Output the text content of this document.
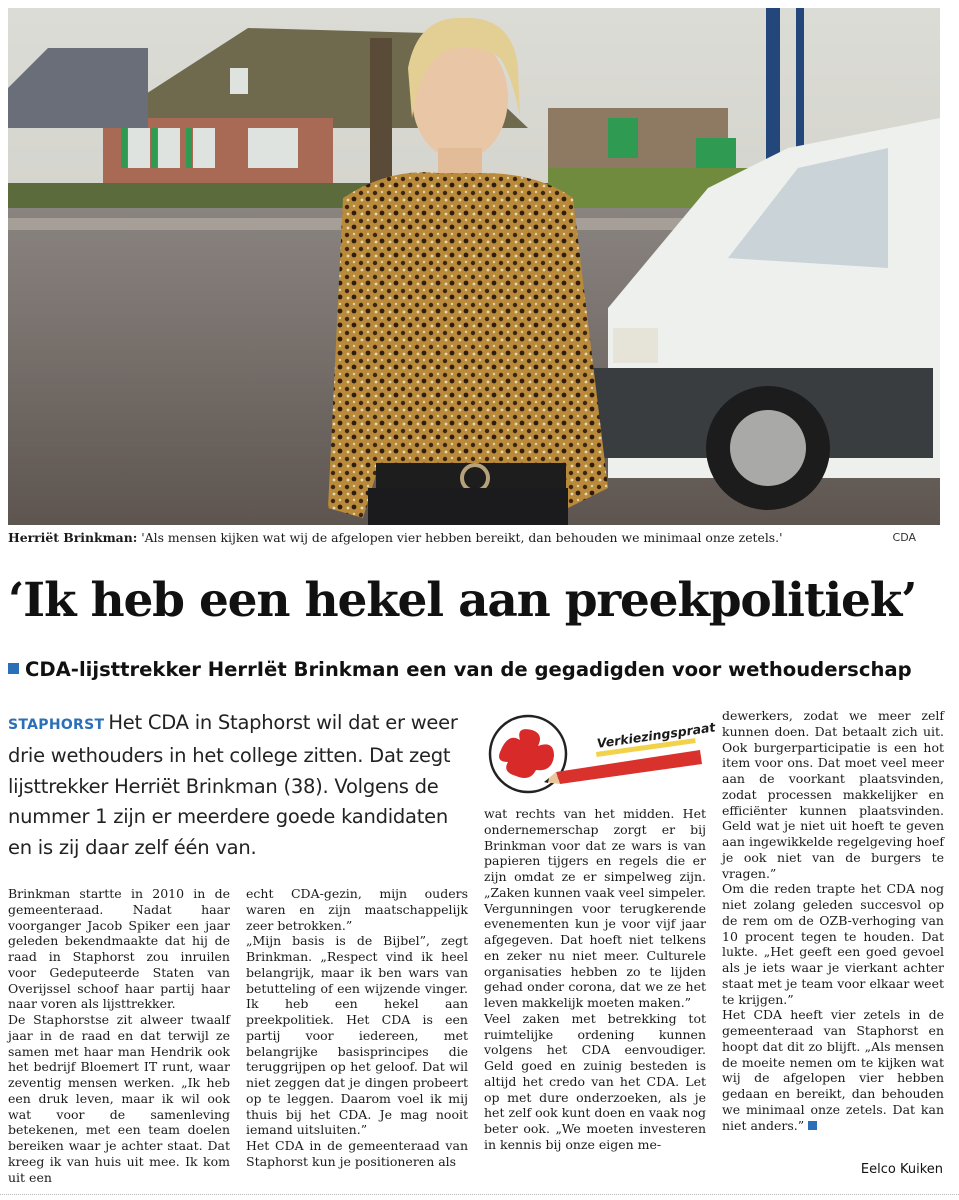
Herriët Brinkman: 'Als mensen kijken wat wij de afgelopen vier hebben bereikt, dan behouden we minimaal onze zetels.'	CDA
‘Ik heb een hekel aan preekpolitiek’
CDA-lijsttrekker HerrIët Brinkman een van de gegadigden voor wethouderschap
STAPHORST Het CDA in Staphorst wil dat er weer drie wethouders in het college zitten. Dat zegt lijsttrekker Herriët Brinkman (38). Volgens de nummer 1 zijn er meerdere goede kandidaten en is zij daar zelf één van.
Verkiezingspraat

Brinkman startte in 2010 in de gemeenteraad. Nadat haar voorganger Jacob Spiker een jaar geleden bekendmaakte dat hij de raad in Staphorst zou inruilen voor Gedeputeerde Staten van Overijssel schoof haar partij haar naar voren als lijsttrekker.

De Staphorstse zit alweer twaalf jaar in de raad en dat terwijl ze samen met haar man Hendrik ook het bedrijf Bloemert IT runt, waar zeventig mensen werken. „Ik heb een druk leven, maar ik wil ook wat voor de samenleving betekenen, met een team doelen bereiken waar je achter staat. Dat kreeg ik van huis uit mee. Ik kom uit een

echt CDA-gezin, mijn ouders waren en zijn maatschappelijk zeer betrokken.”

„Mijn basis is de Bijbel”, zegt Brinkman. „Respect vind ik heel belangrijk, maar ik ben wars van betutteling of een wijzende vinger. Ik heb een hekel aan preekpolitiek. Het CDA is een partij voor iedereen, met belangrijke basisprincipes die teruggrijpen op het geloof. Dat wil niet zeggen dat je dingen probeert op te leggen. Daarom voel ik mij thuis bij het CDA. Je mag nooit iemand uitsluiten.”

Het CDA in de gemeenteraad van Staphorst kun je positioneren als

wat rechts van het midden. Het ondernemerschap zorgt er bij Brinkman voor dat ze wars is van papieren tijgers en regels die er zijn omdat ze er simpelweg zijn. „Zaken kunnen vaak veel simpeler. Vergunningen voor terugkerende evenementen kun je voor vijf jaar afgegeven. Dat hoeft niet telkens en zeker nu niet meer. Culturele organisaties hebben zo te lijden gehad onder corona, dat we ze het leven makkelijk moeten maken.”

Veel zaken met betrekking tot ruimtelijke ordening kunnen volgens het CDA eenvoudiger. Geld goed en zuinig besteden is altijd het credo van het CDA. Let op met dure onderzoeken, als je het zelf ook kunt doen en vaak nog beter ook. „We moeten investeren in kennis bij onze eigen me-

dewerkers, zodat we meer zelf kunnen doen. Dat betaalt zich uit. Ook burgerparticipatie is een hot item voor ons. Dat moet veel meer aan de voorkant plaatsvinden, zodat processen makkelijker en efficiënter kunnen plaatsvinden. Geld wat je niet uit hoeft te geven aan ingewikkelde regelgeving hoef je ook niet van de burgers te vragen.”

Om die reden trapte het CDA nog niet zolang geleden succesvol op de rem om de OZB-verhoging van 10 procent tegen te houden. Dat lukte. „Het geeft een goed gevoel als je iets waar je vierkant achter staat met je team voor elkaar weet te krijgen.”

Het CDA heeft vier zetels in de gemeenteraad van Staphorst en hoopt dat dit zo blijft. „Als mensen de moeite nemen om te kijken wat wij de afgelopen vier hebben gedaan en bereikt, dan behouden we minimaal onze zetels. Dat kan niet anders.”

Eelco Kuiken
